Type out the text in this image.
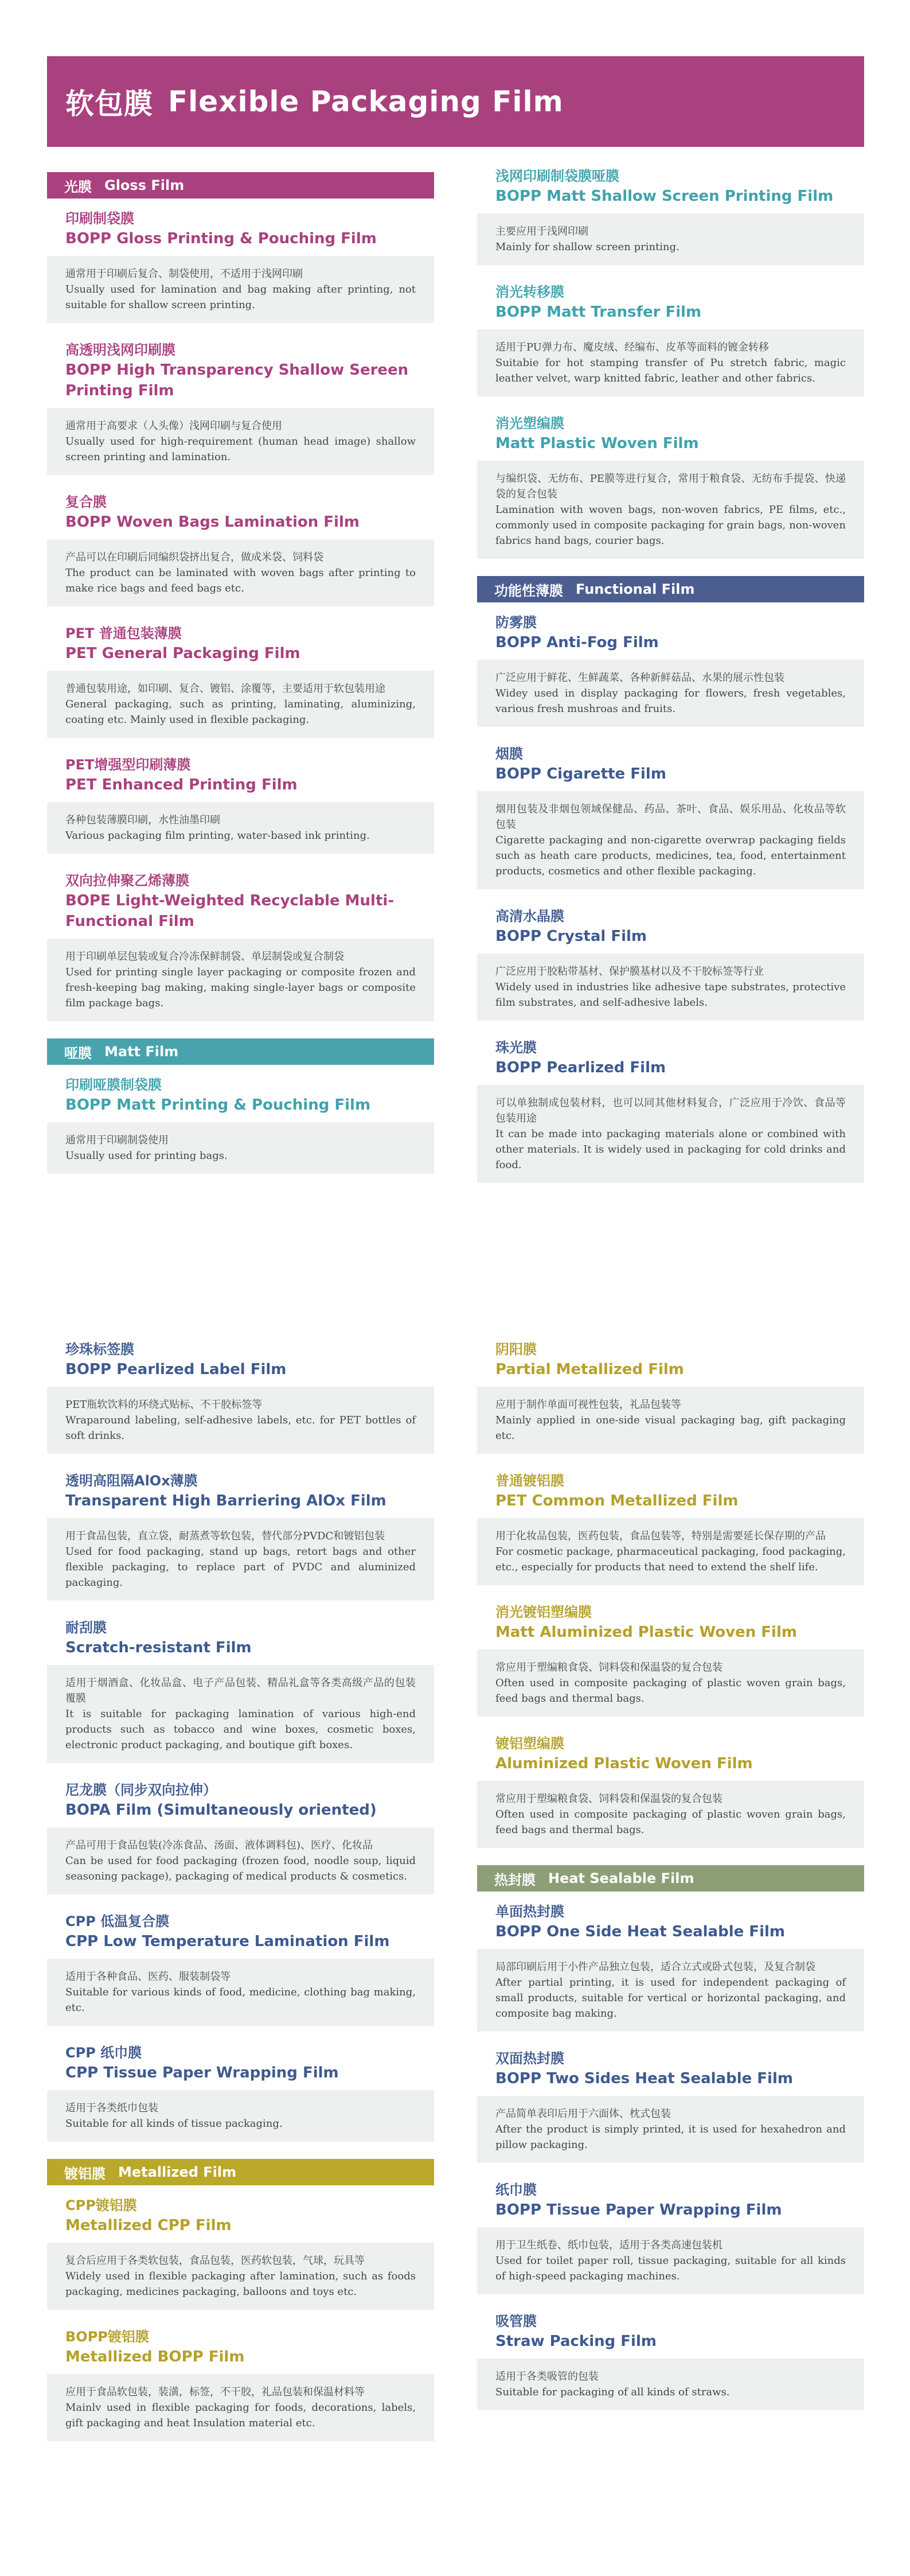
软包膜 Flexible Packaging Film
光膜 Gloss Film
印刷制袋膜
BOPP Gloss Printing & Pouching Film
通常用于印刷后复合、制袋使用，不适用于浅网印刷
Usually used for lamination and bag making after printing, not suitable for shallow screen printing.
高透明浅网印刷膜
BOPP High Transparency Shallow Sereen Printing Film
通常用于高要求（人头像）浅网印刷与复合使用
Usually used for high-requirement (human head image) shallow screen printing and lamination.
复合膜
BOPP Woven Bags Lamination Film
产品可以在印刷后同编织袋挤出复合，做成米袋、饲料袋
The product can be laminated with woven bags after printing to make rice bags and feed bags etc.
PET 普通包装薄膜
PET General Packaging Film
普通包装用途，如印刷、复合、镀铝、涂覆等，主要适用于软包装用途
General packaging, such as printing, laminating, aluminizing, coating etc. Mainly used in flexible packaging.
PET增强型印刷薄膜
PET Enhanced Printing Film
各种包装薄膜印刷，水性油墨印刷
Various packaging film printing, water-based ink printing.
双向拉伸聚乙烯薄膜
BOPE Light-Weighted Recyclable Multi-Functional Film
用于印刷单层包装或复合冷冻保鲜制袋、单层制袋或复合制袋
Used for printing single layer packaging or composite frozen and fresh-keeping bag making, making single-layer bags or composite film package bags.
哑膜 Matt Film
印刷哑膜制袋膜
BOPP Matt Printing & Pouching Film
通常用于印刷制袋使用
Usually used for printing bags.
浅网印刷制袋膜哑膜
BOPP Matt Shallow Screen Printing Film
主要应用于浅网印刷
Mainly for shallow screen printing.
消光转移膜
BOPP Matt Transfer Film
适用于PU弹力布、魔皮绒、经编布、皮革等面料的镀金转移
Suitabie for hot stamping transfer of Pu stretch fabric, magic leather velvet, warp knitted fabric, leather and other fabrics.
消光塑编膜
Matt Plastic Woven Film
与编织袋、无纺布、PE膜等进行复合，常用于粮食袋、无纺布手提袋、快递袋的复合包装
Lamination with woven bags, non-woven fabrics, PE films, etc., commonly used in composite packaging for grain bags, non-woven fabrics hand bags, courier bags.
功能性薄膜 Functional Film
防雾膜
BOPP Anti-Fog Film
广泛应用于鲜花、生鲜蔬菜、各种新鲜菇品、水果的展示性包装
Widey used in display packaging for flowers, fresh vegetables, various fresh mushroas and fruits.
烟膜
BOPP Cigarette Film
烟用包装及非烟包领域保健品、药品、茶叶、食品、娱乐用品、化妆品等软包装
Cigarette packaging and non-cigarette overwrap packaging fields such as heath care products, medicines, tea, food, entertainment products, cosmetics and other flexible packaging.
高清水晶膜
BOPP Crystal Film
广泛应用于胶粘带基材、保护膜基材以及不干胶标签等行业
Widely used in industries like adhesive tape substrates, protective film substrates, and self-adhesive labels.
珠光膜
BOPP Pearlized Film
可以单独制成包装材料，也可以同其他材料复合，广泛应用于冷饮、食品等包装用途
It can be made into packaging materials alone or combined with other materials. It is widely used in packaging for cold drinks and food.
珍珠标签膜
BOPP Pearlized Label Film
PET瓶软饮料的环绕式贴标、不干胶标签等
Wraparound labeling, self-adhesive labels, etc. for PET bottles of soft drinks.
透明高阻隔AlOx薄膜
Transparent High Barriering AlOx Film
用于食品包装，直立袋，耐蒸煮等软包装，替代部分PVDC和镀铝包装
Used for food packaging, stand up bags, retort bags and other flexible packaging, to replace part of PVDC and aluminized packaging.
耐刮膜
Scratch-resistant Film
适用于烟酒盒、化妆品盒、电子产品包装、精品礼盒等各类高级产品的包装覆膜
It is suitable for packaging lamination of various high-end products such as tobacco and wine boxes, cosmetic boxes, electronic product packaging, and boutique gift boxes.
尼龙膜（同步双向拉伸）
BOPA Film (Simultaneously oriented)
产品可用于食品包装(冷冻食品、汤面、液体调料包)、医疗、化妆品
Can be used for food packaging (frozen food, noodle soup, liquid seasoning package), packaging of medical products & cosmetics.
CPP 低温复合膜
CPP Low Temperature Lamination Film
适用于各种食品、医药、服装制袋等
Suitable for various kinds of food, medicine, clothing bag making, etc.
CPP 纸巾膜
CPP Tissue Paper Wrapping Film
适用于各类纸巾包装
Suitable for all kinds of tissue packaging.
镀铝膜 Metallized Film
CPP镀铝膜
Metallized CPP Film
复合后应用于各类软包装，食品包装，医药软包装，气球，玩具等
Widely used in flexible packaging after lamination, such as foods packaging, medicines packaging, balloons and toys etc.
BOPP镀铝膜
Metallized BOPP Film
应用于食品软包装，装潢，标签，不干胶，礼品包装和保温材料等
Mainlv used in flexible packaging for foods, decorations, labels, gift packaging and heat Insulation material etc.
阴阳膜
Partial Metallized Film
应用于制作单面可视性包装，礼品包装等
Mainly applied in one-side visual packaging bag, gift packaging etc.
普通镀铝膜
PET Common Metallized Film
用于化妆品包装，医药包装，食品包装等，特别是需要延长保存期的产品
For cosmetic package, pharmaceutical packaging, food packaging, etc., especially for products that need to extend the shelf life.
消光镀铝塑编膜
Matt Aluminized Plastic Woven Film
常应用于塑编粮食袋、饲料袋和保温袋的复合包装
Often used in composite packaging of plastic woven grain bags, feed bags and thermal bags.
镀铝塑编膜
Aluminized Plastic Woven Film
常应用于塑编粮食袋、饲料袋和保温袋的复合包装
Often used in composite packaging of plastic woven grain bags, feed bags and thermal bags.
热封膜 Heat Sealable Film
单面热封膜
BOPP One Side Heat Sealable Film
局部印刷后用于小件产品独立包装，适合立式或卧式包装，及复合制袋
After partial printing, it is used for independent packaging of small products, suitable for vertical or horizontal packaging, and composite bag making.
双面热封膜
BOPP Two Sides Heat Sealable Film
产品简单表印后用于六面体、枕式包装
After the product is simply printed, it is used for hexahedron and pillow packaging.
纸巾膜
BOPP Tissue Paper Wrapping Film
用于卫生纸卷、纸巾包装，适用于各类高速包装机
Used for toilet paper roll, tissue packaging, suitable for all kinds of high-speed packaging machines.
吸管膜
Straw Packing Film
适用于各类吸管的包装
Suitable for packaging of all kinds of straws.
